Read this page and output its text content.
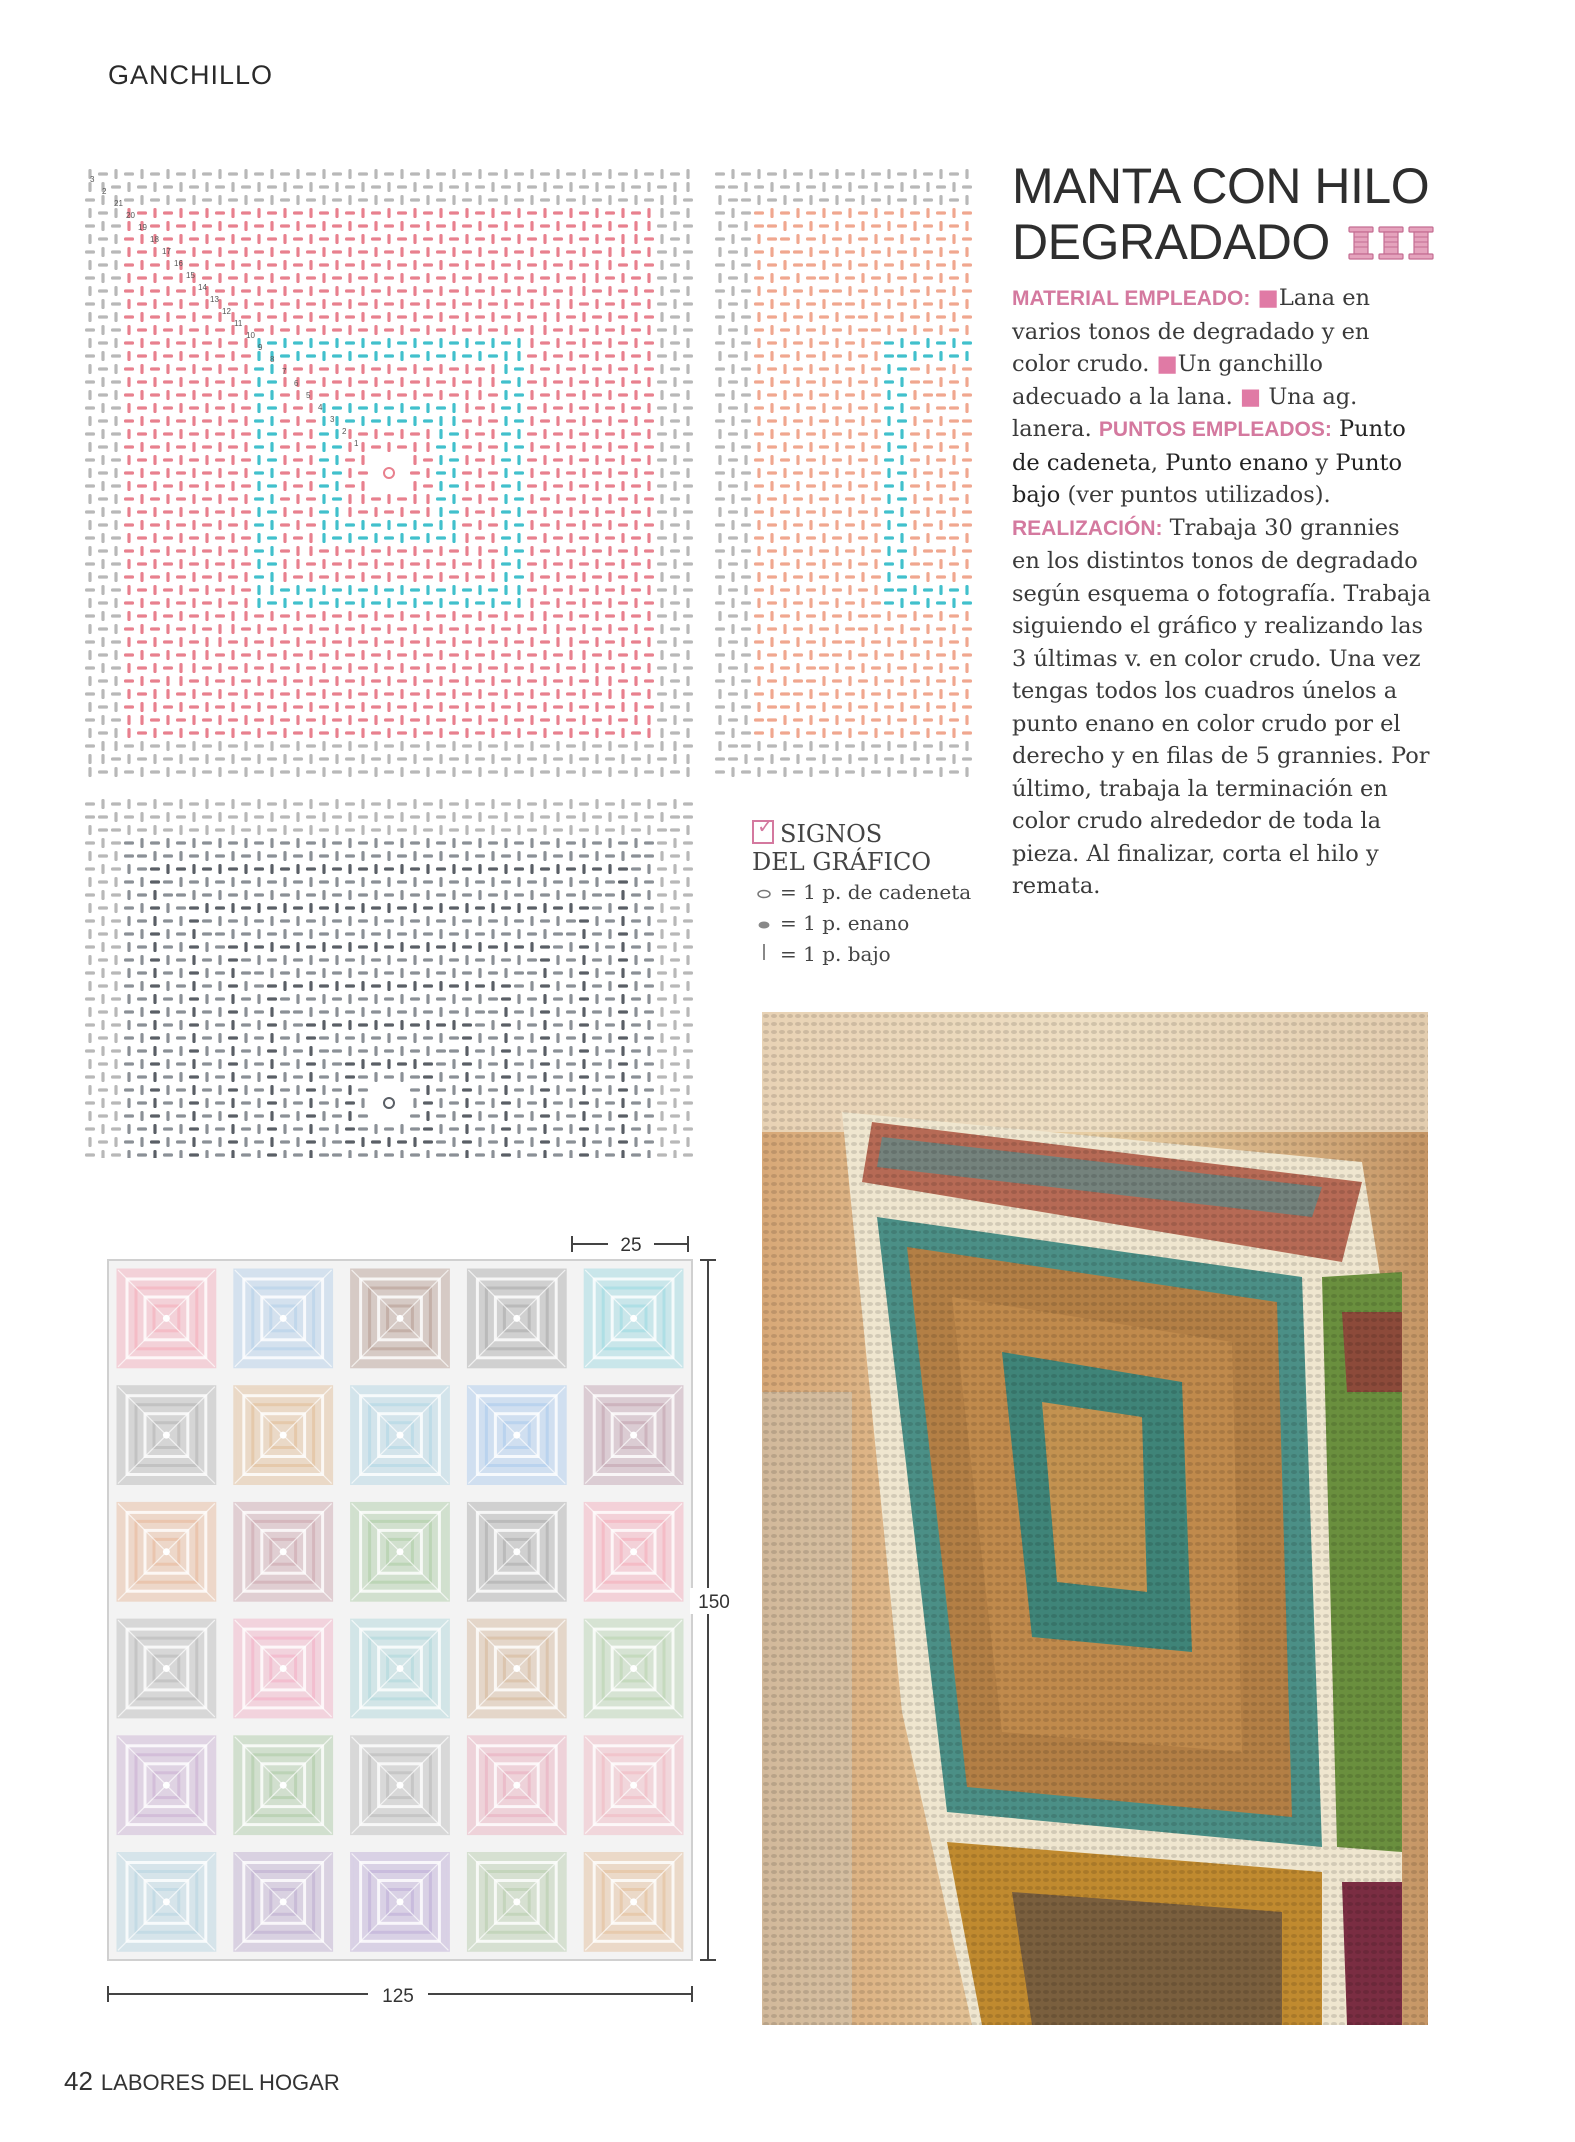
GANCHILLO
MANTA CON HILO
DEGRADADO
MATERIAL EMPLEADO: ■Lana en varios tonos de degradado y en color crudo. ■Un ganchillo adecuado a la lana. ■ Una ag. lanera. PUNTOS EMPLEADOS: Punto de cadeneta, Punto enano y Punto bajo (ver puntos utilizados). REALIZACIÓN: Trabaja 30 grannies en los distintos tonos de degradado según esquema o fotografía. Trabaja siguiendo el gráfico y realizando las 3 últimas v. en color crudo. Una vez tengas todos los cuadros únelos a punto enano en color crudo por el derecho y en filas de 5 grannies. Por último, trabaja la terminación en color crudo alrededor de toda la pieza. Al finalizar, corta el hilo y remata.
3
2
21
20
19
18
17
16
15
14
13
12
11
10
9
8
7
6
5
4
3
2
1
✓ SIGNOS
DEL GRÁFICO
= 1 p. de cadeneta
= 1 p. enano
= 1 p. bajo
25
150
125
42 LABORES DEL HOGAR
